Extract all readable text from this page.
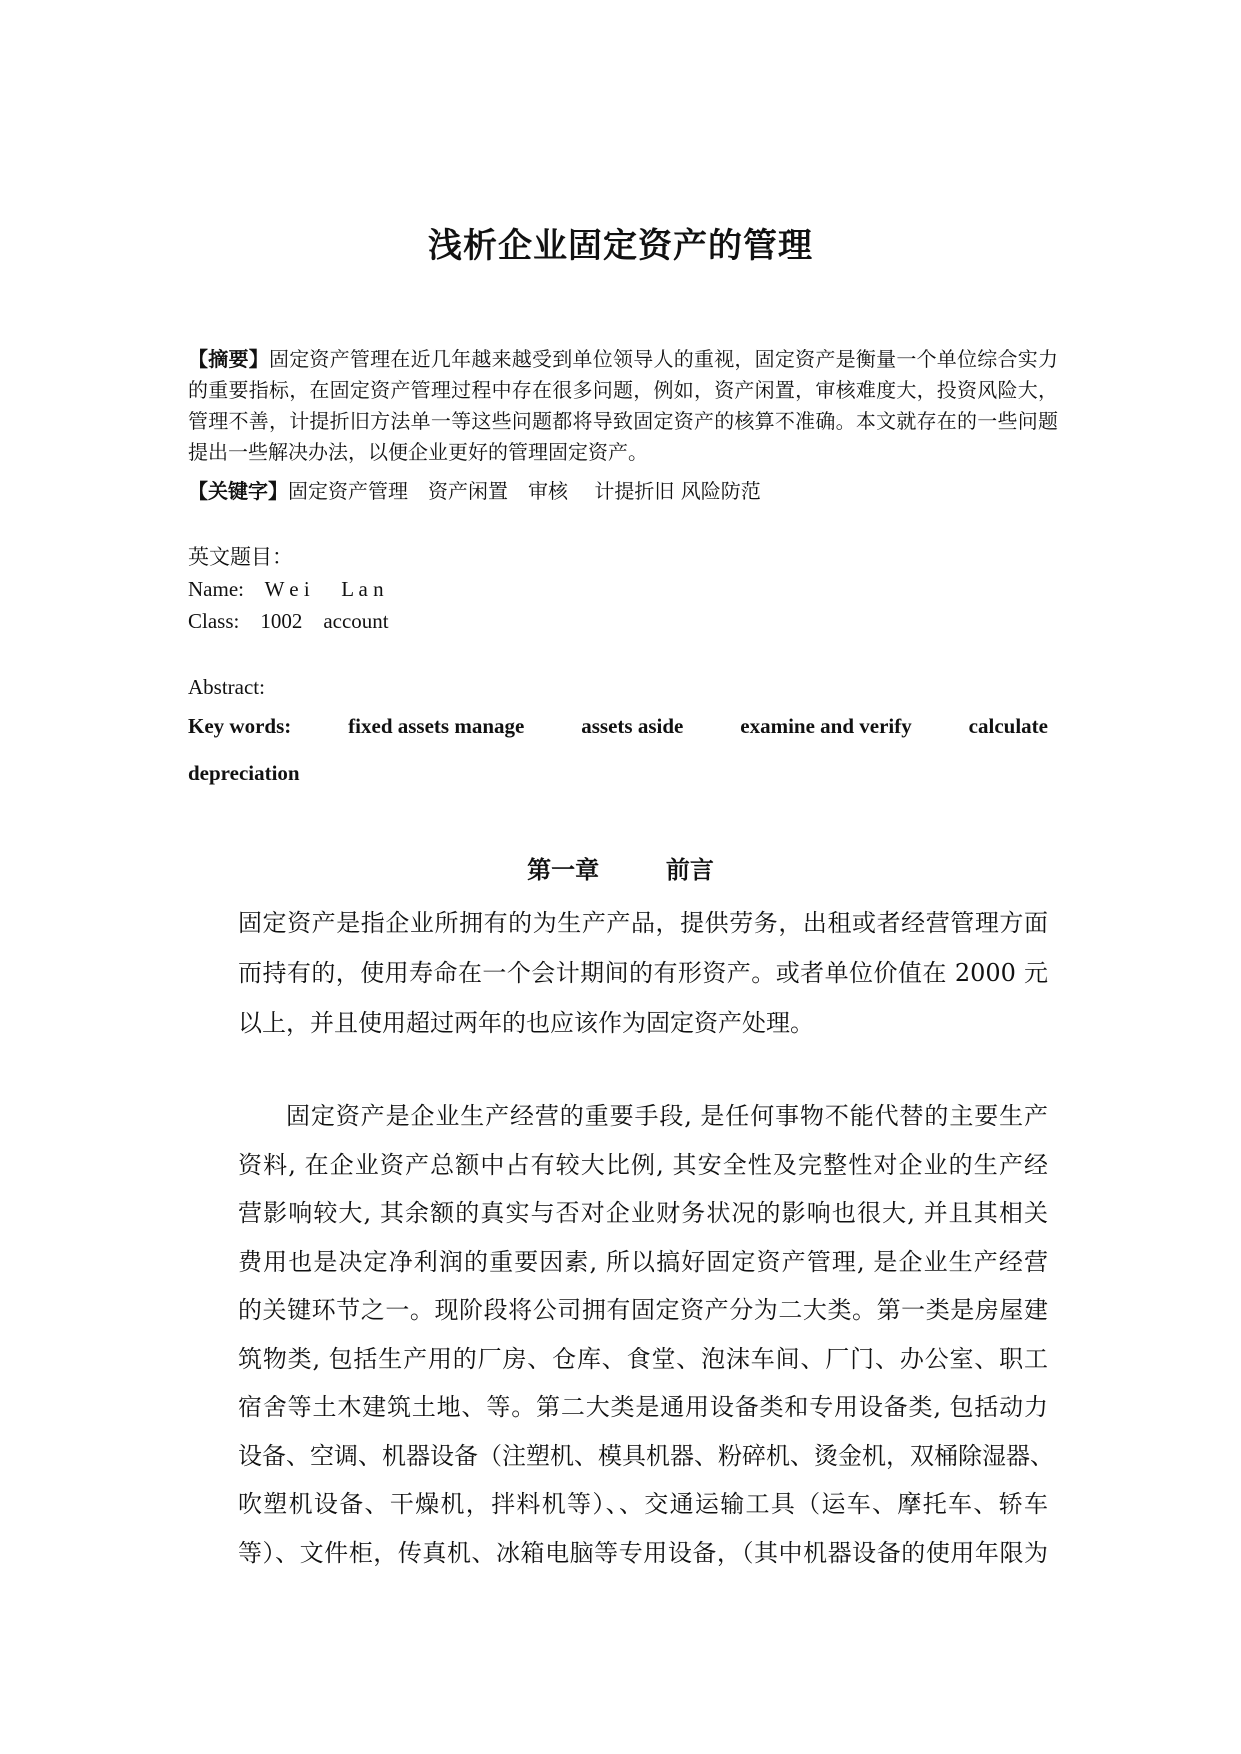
浅析企业固定资产的管理
【摘要】固定资产管理在近几年越来越受到单位领导人的重视，固定资产是衡量一个单位综合实力的重要指标，在固定资产管理过程中存在很多问题，例如，资产闲置，审核难度大，投资风险大，管理不善，计提折旧方法单一等这些问题都将导致固定资产的核算不准确。本文就存在的一些问题提出一些解决办法，以便企业更好的管理固定资产。
【关键字】固定资产管理　资产闲置　审核　 计提折旧 风险防范
英文题目：
Name:    W e i      L a n
Class:    1002    account
Abstract:
Key words:	fixed assets manage	assets aside	examine and verify	calculate
depreciation
第一章        前言
固定资产是指企业所拥有的为生产产品，提供劳务，出租或者经营管理方面
而持有的，使用寿命在一个会计期间的有形资产。或者单位价值在 2000 元
以上，并且使用超过两年的也应该作为固定资产处理。
固定资产是企业生产经营的重要手段, 是任何事物不能代替的主要生产
资料, 在企业资产总额中占有较大比例, 其安全性及完整性对企业的生产经
营影响较大, 其余额的真实与否对企业财务状况的影响也很大, 并且其相关
费用也是决定净利润的重要因素, 所以搞好固定资产管理, 是企业生产经营
的关键环节之一。现阶段将公司拥有固定资产分为二大类。第一类是房屋建
筑物类, 包括生产用的厂房、仓库、食堂、泡沫车间、厂门、办公室、职工
宿舍等土木建筑土地、等。第二大类是通用设备类和专用设备类, 包括动力
设备、空调、机器设备（注塑机、模具机器、粉碎机、烫金机，双桶除湿器、
吹塑机设备、干燥机，拌料机等）、、交通运输工具（运车、摩托车、轿车
等）、文件柜，传真机、冰箱电脑等专用设备，（其中机器设备的使用年限为
